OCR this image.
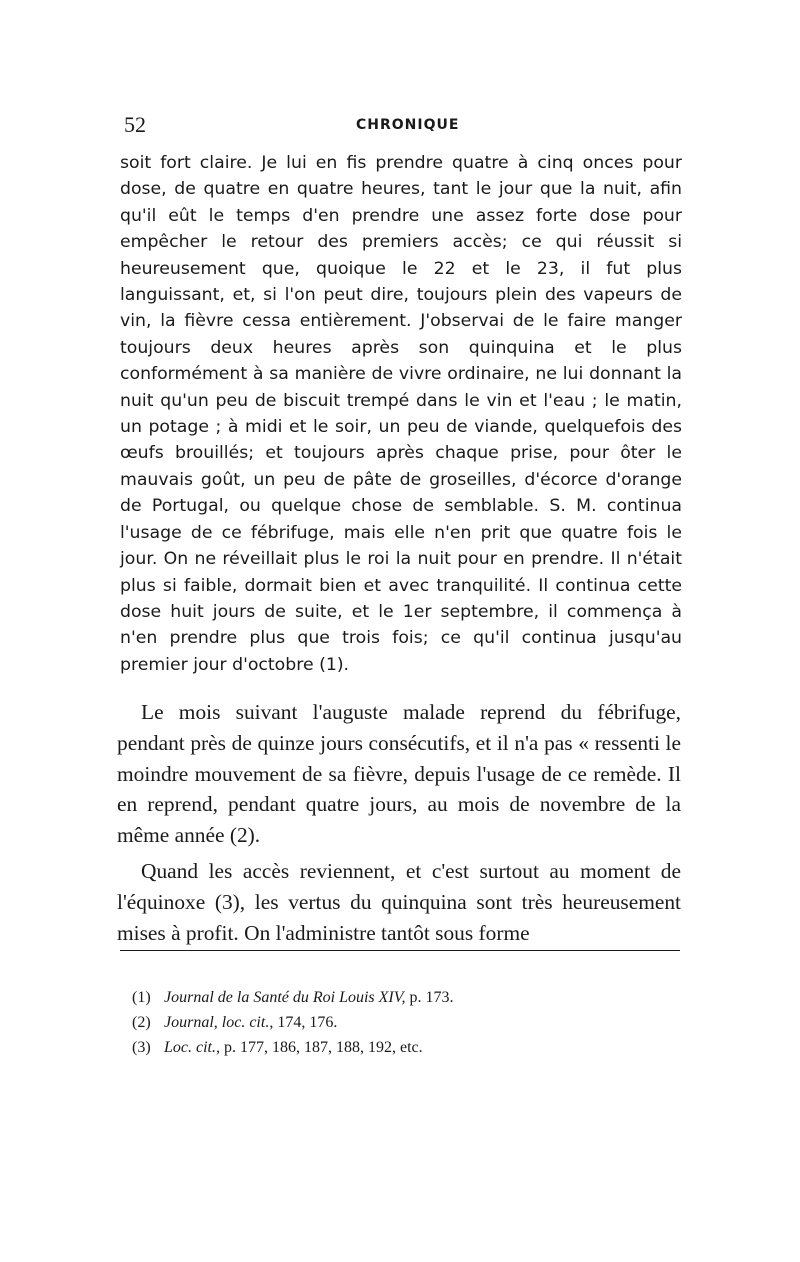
52	CHRONIQUE

soit fort claire. Je lui en fis prendre quatre à cinq onces pour dose, de quatre en quatre heures, tant le jour que la nuit, afin qu'il eût le temps d'en prendre une assez forte dose pour empêcher le retour des premiers accès; ce qui réussit si heureusement que, quoique le 22 et le 23, il fut plus languissant, et, si l'on peut dire, toujours plein des vapeurs de vin, la fièvre cessa entièrement. J'observai de le faire manger toujours deux heures après son quinquina et le plus conformément à sa manière de vivre ordinaire, ne lui donnant la nuit qu'un peu de biscuit trempé dans le vin et l'eau ; le matin, un potage ; à midi et le soir, un peu de viande, quelquefois des œufs brouillés; et toujours après chaque prise, pour ôter le mauvais goût, un peu de pâte de groseilles, d'écorce d'orange de Portugal, ou quelque chose de semblable. S. M. continua l'usage de ce fébrifuge, mais elle n'en prit que quatre fois le jour. On ne réveillait plus le roi la nuit pour en prendre. Il n'était plus si faible, dormait bien et avec tranquilité. Il continua cette dose huit jours de suite, et le 1er septembre, il commença à n'en prendre plus que trois fois; ce qu'il continua jusqu'au premier jour d'octobre (1).

Le mois suivant l'auguste malade reprend du fébrifuge, pendant près de quinze jours consécutifs, et il n'a pas « ressenti le moindre mouvement de sa fièvre, depuis l'usage de ce remède. Il en reprend, pendant quatre jours, au mois de novembre de la même année (2).

Quand les accès reviennent, et c'est surtout au moment de l'équinoxe (3), les vertus du quinquina sont très heureusement mises à profit. On l'administre tantôt sous forme

(1) Journal de la Santé du Roi Louis XIV, p. 173.
(2) Journal, loc. cit., 174, 176.
(3) Loc. cit., p. 177, 186, 187, 188, 192, etc.
